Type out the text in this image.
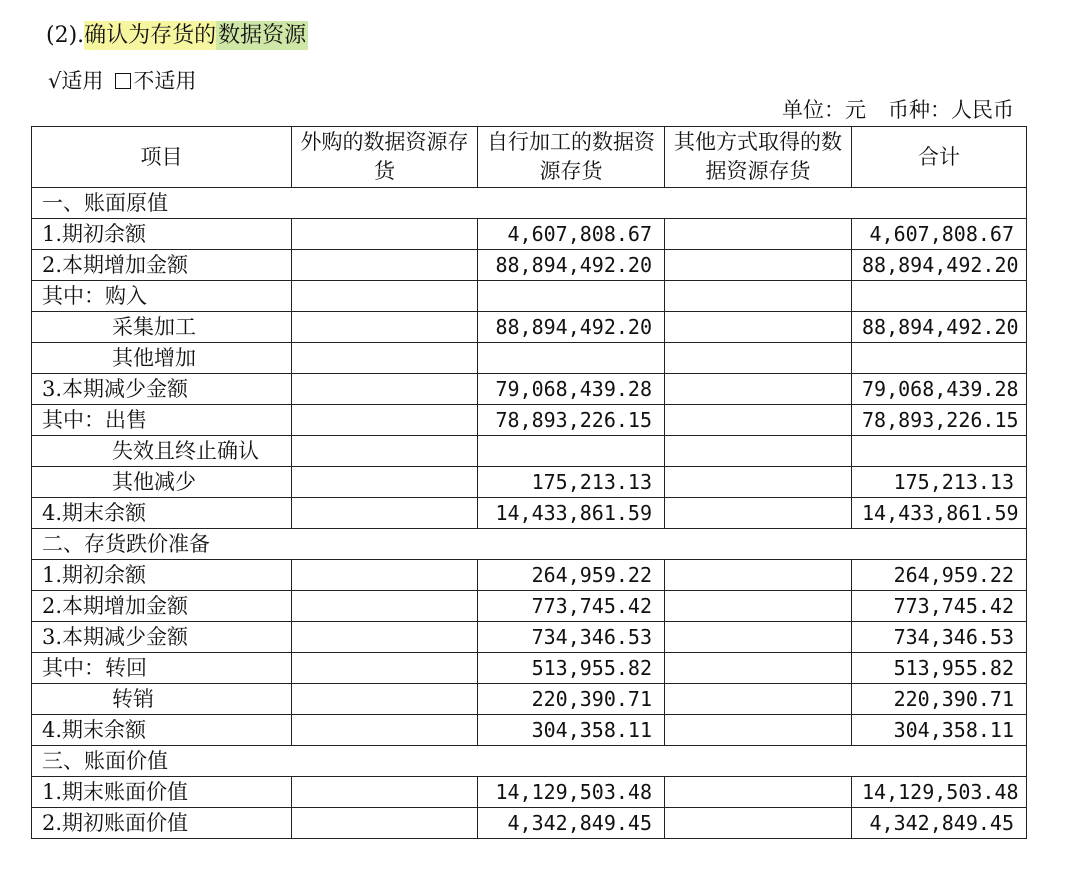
(2).确认为存货的数据资源
√适用 不适用
单位：元 币种：人民币
项目	外购的数据资源存货	自行加工的数据资源存货	其他方式取得的数据资源存货	合计
一、账面原值				
1.期初余额		4,607,808.67		4,607,808.67
2.本期增加金额		88,894,492.20		88,894,492.20
其中：购入				
采集加工		88,894,492.20		88,894,492.20
其他增加				
3.本期减少金额		79,068,439.28		79,068,439.28
其中：出售		78,893,226.15		78,893,226.15
失效且终止确认				
其他减少		175,213.13		175,213.13
4.期末余额		14,433,861.59		14,433,861.59
二、存货跌价准备				
1.期初余额		264,959.22		264,959.22
2.本期增加金额		773,745.42		773,745.42
3.本期减少金额		734,346.53		734,346.53
其中：转回		513,955.82		513,955.82
转销		220,390.71		220,390.71
4.期末余额		304,358.11		304,358.11
三、账面价值				
1.期末账面价值		14,129,503.48		14,129,503.48
2.期初账面价值		4,342,849.45		4,342,849.45
